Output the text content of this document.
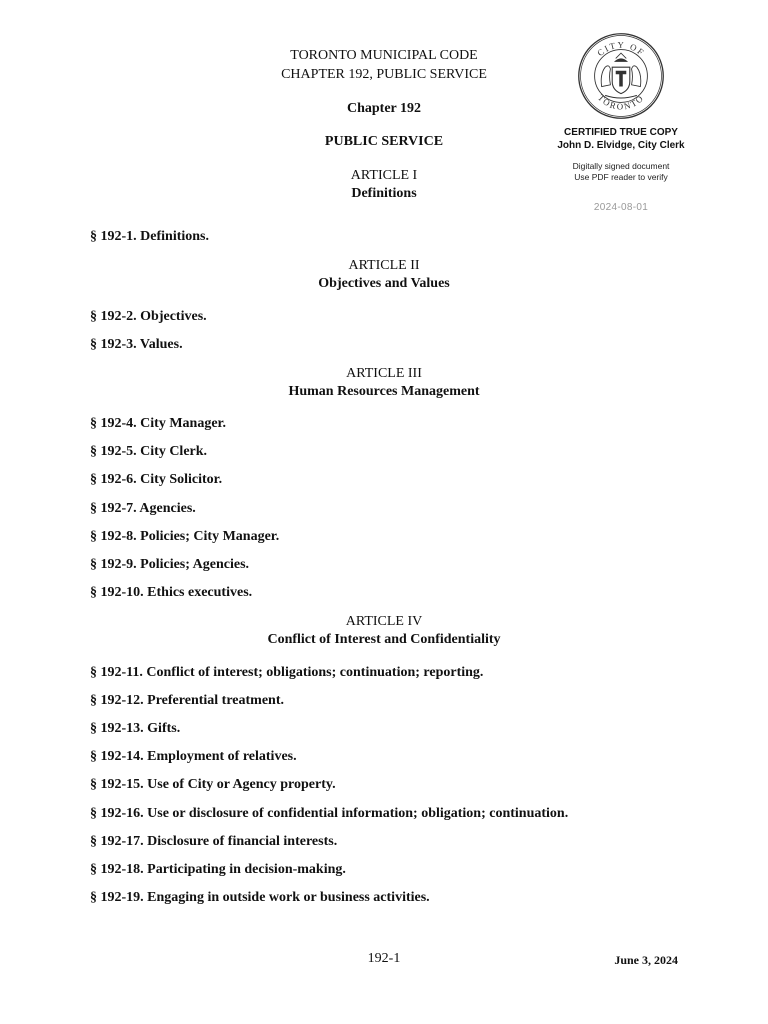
TORONTO MUNICIPAL CODE
CHAPTER 192, PUBLIC SERVICE
Chapter 192
PUBLIC SERVICE
CITY OF
TORONTO
CERTIFIED TRUE COPY
John D. Elvidge, City Clerk
Digitally signed document
Use PDF reader to verify
2024-08-01
ARTICLE I
Definitions
§ 192-1. Definitions.
ARTICLE II
Objectives and Values
§ 192-2. Objectives.
§ 192-3. Values.
ARTICLE III
Human Resources Management
§ 192-4. City Manager.
§ 192-5. City Clerk.
§ 192-6. City Solicitor.
§ 192-7. Agencies.
§ 192-8. Policies; City Manager.
§ 192-9. Policies; Agencies.
§ 192-10. Ethics executives.
ARTICLE IV
Conflict of Interest and Confidentiality
§ 192-11. Conflict of interest; obligations; continuation; reporting.
§ 192-12. Preferential treatment.
§ 192-13. Gifts.
§ 192-14. Employment of relatives.
§ 192-15. Use of City or Agency property.
§ 192-16. Use or disclosure of confidential information; obligation; continuation.
§ 192-17. Disclosure of financial interests.
§ 192-18. Participating in decision-making.
§ 192-19. Engaging in outside work or business activities.
192-1	June 3, 2024
